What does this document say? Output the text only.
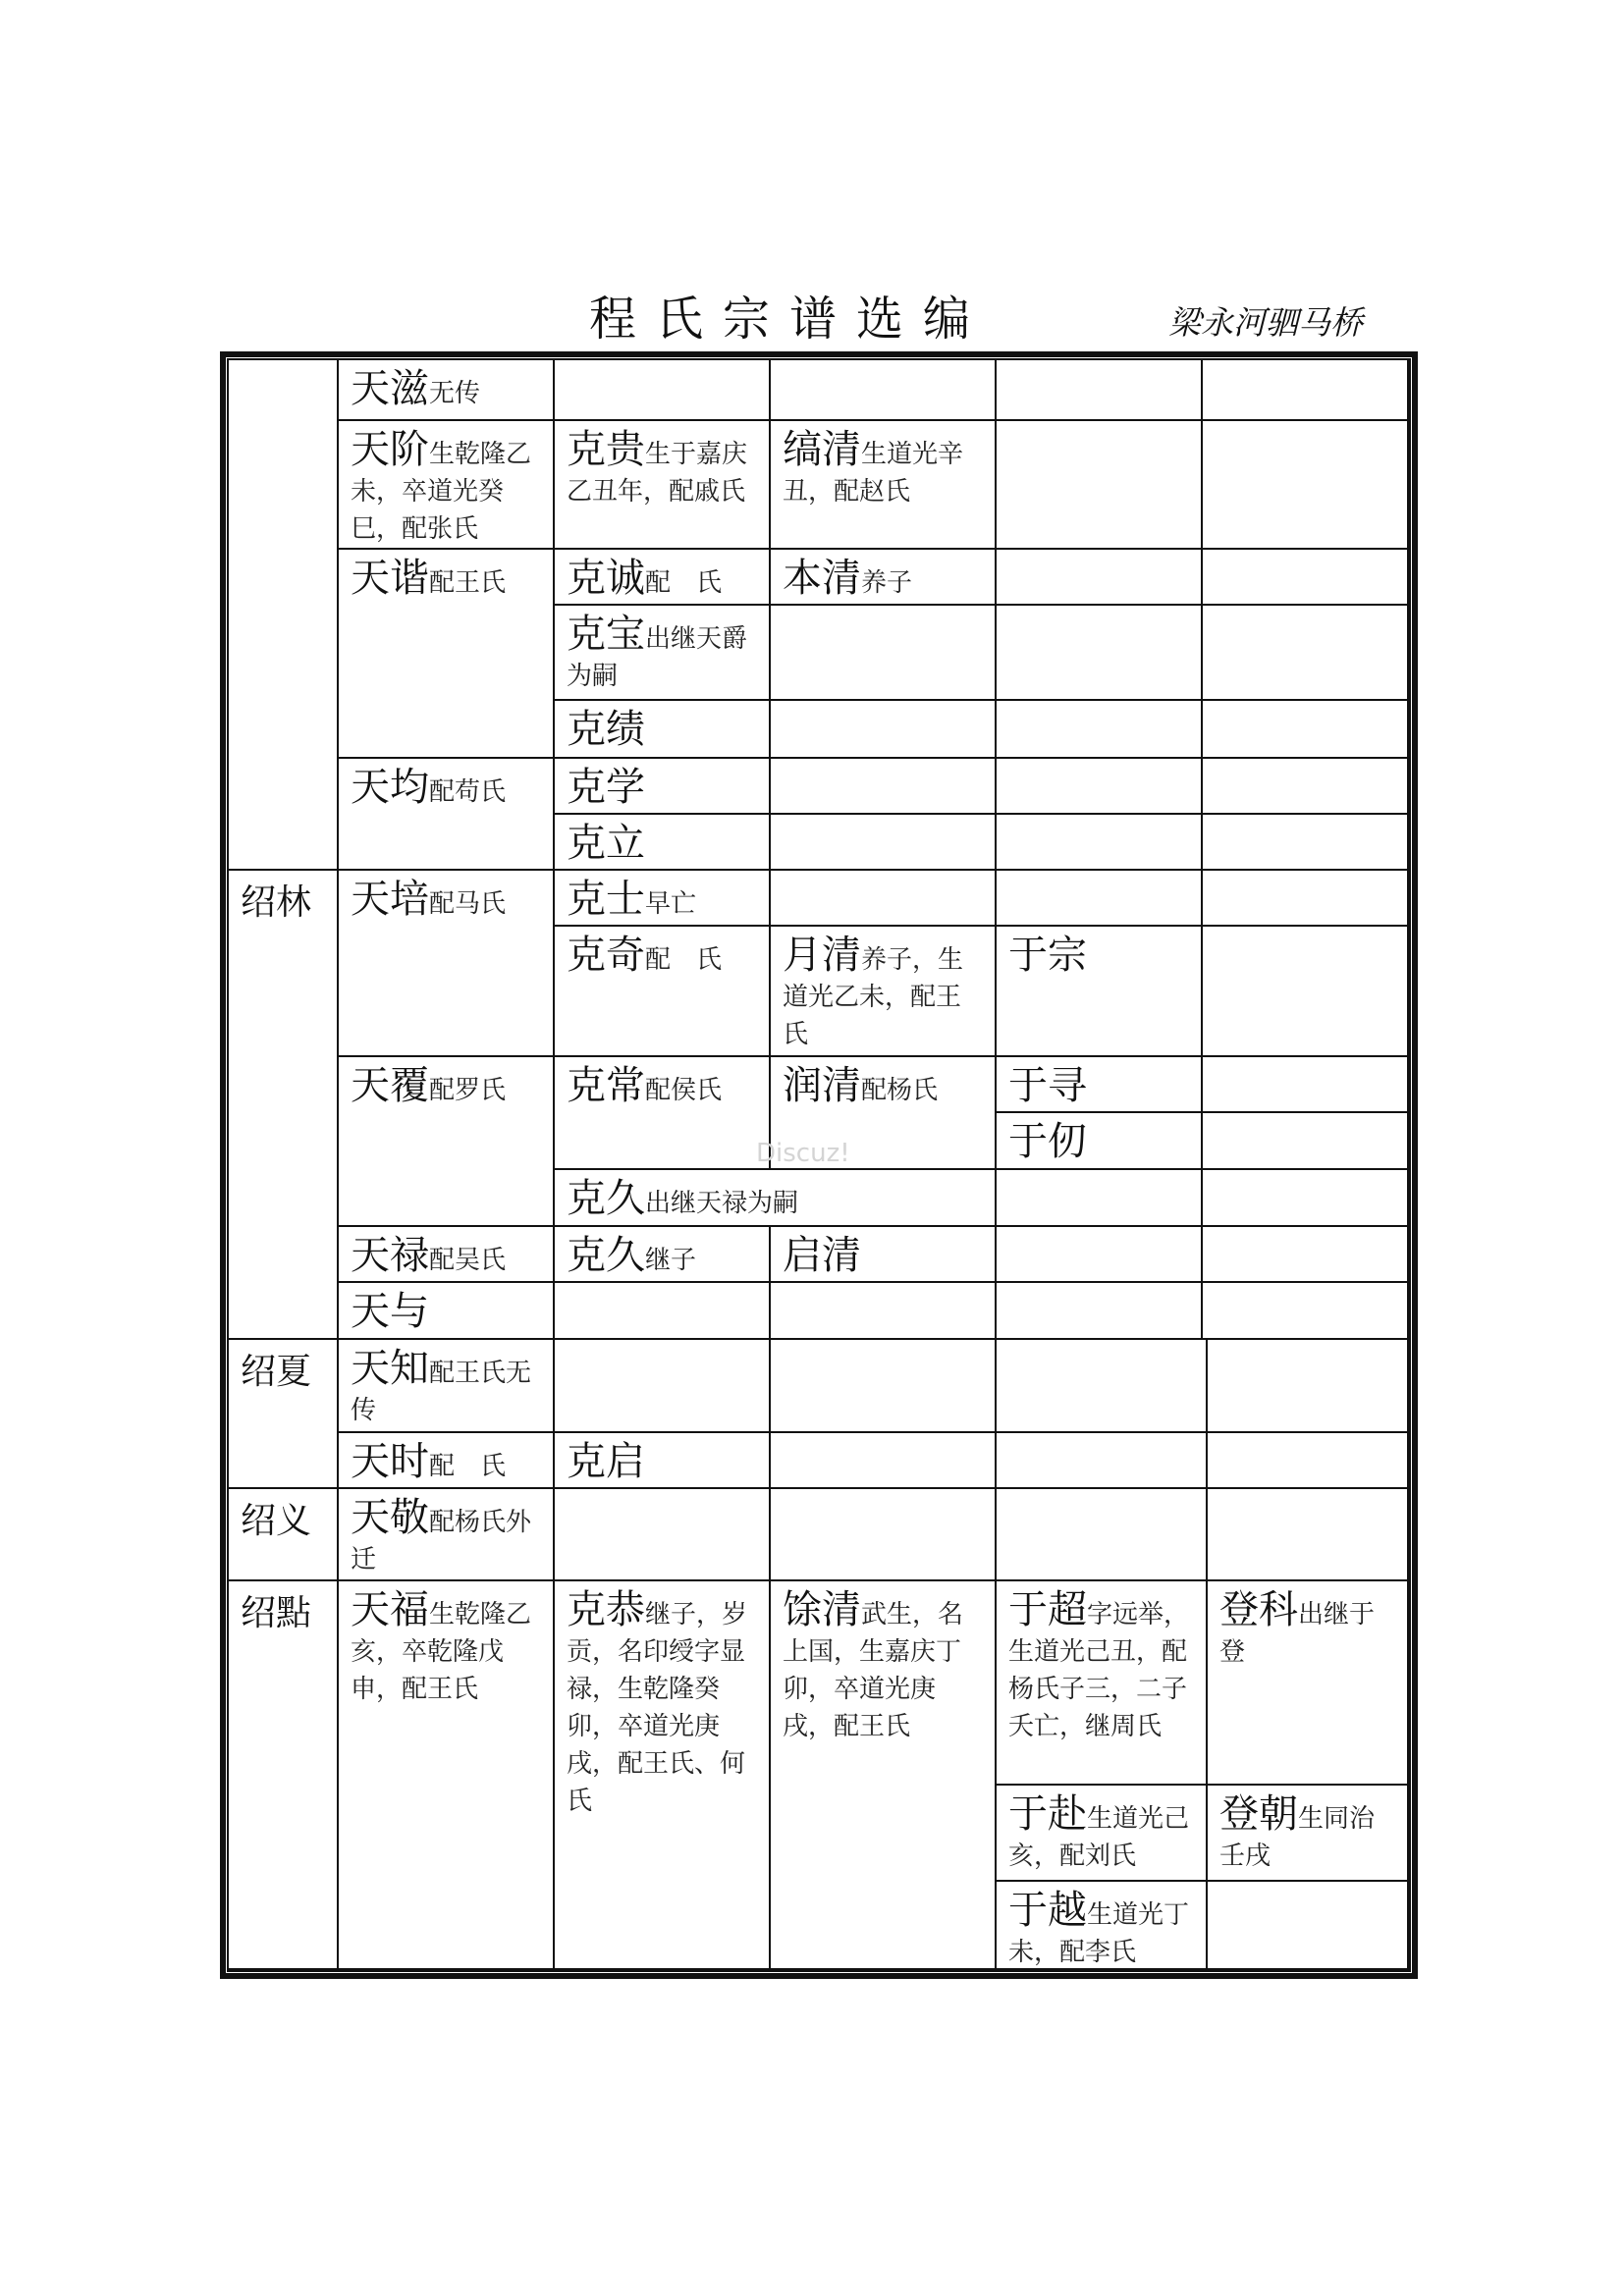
程氏宗谱选编	梁永河驷马桥
绍林
绍夏
绍义
绍點
天滋无传
天阶生乾隆乙未，卒道光癸巳，配张氏
天谐配王氏
天均配苟氏
天培配马氏
天覆配罗氏
天禄配吴氏
天与
天知配王氏无传
天时配　氏
天敬配杨氏外迁
天福生乾隆乙亥，卒乾隆戊申，配王氏
克贵生于嘉庆乙丑年，配戚氏
克诚配　氏
克宝出继天爵为嗣
克绩
克学
克立
克士早亡
克奇配　氏
克常配侯氏
克久出继天禄为嗣
克久继子
克启
克恭继子，岁贡，名印绶字显禄，生乾隆癸卯，卒道光庚戌，配王氏、何氏
缟清生道光辛丑，配赵氏
本清养子
月清养子，生道光乙未，配王氏
润清配杨氏
启清
馀清武生，名上国，生嘉庆丁卯，卒道光庚戌，配王氏
于宗
于寻
于仞
于超字远举，生道光己丑，配杨氏子三，二子夭亡，继周氏
于赴生道光己亥，配刘氏
于越生道光丁未，配李氏
登科出继于登
登朝生同治壬戌
Discuz!
